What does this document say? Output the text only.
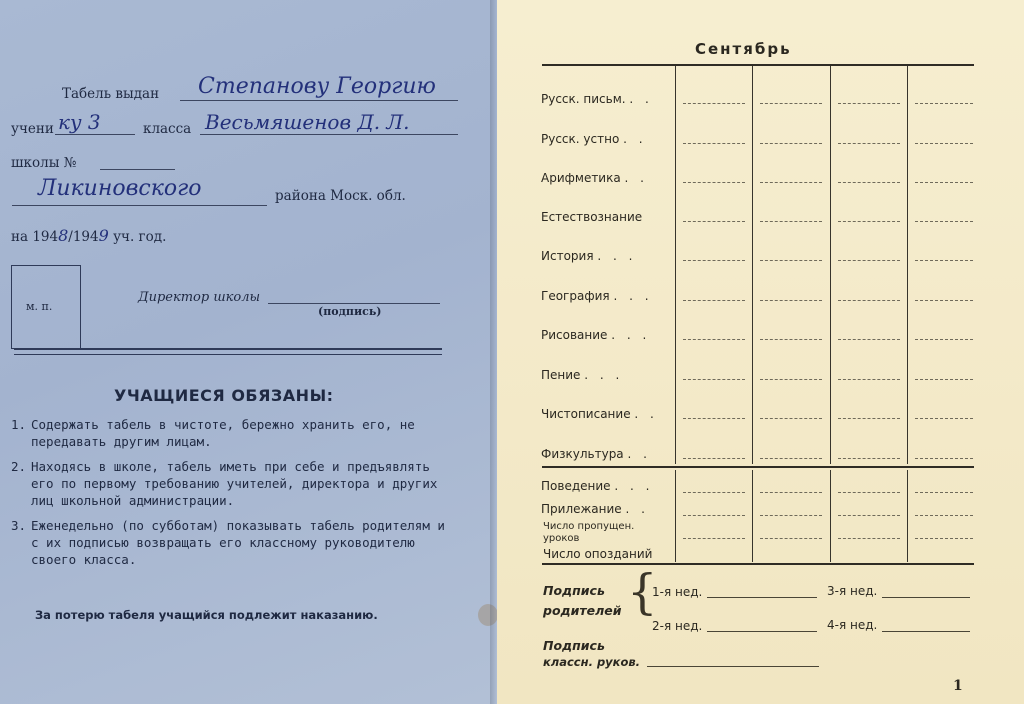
Табель выдан Степанову Георгию
учени ку 3	класса Весьмяшенов Д. Л.
школы №
Ликиновского	района Моск. обл.
на 1948/1949 уч. год.
м. п.
Директор школы
(подпись)
УЧАЩИЕСЯ ОБЯЗАНЫ:
1. Содержать табель в чистоте, бережно хранить его, не передавать другим лицам.
2. Находясь в школе, табель иметь при себе и предъявлять его по первому требованию учителей, директора и других лиц школьной администрации.
3. Еженедельно (по субботам) показывать табель родителям и с их подписью возвращать его классному руководителю своего класса.
За потерю табеля учащийся подлежит наказанию.
Сентябрь
Русск. письм. . .
Русск. устно . .
Арифметика . .
Естествознание
История . . .
География . . .
Рисование . . .
Пение . . .
Чистописание . .
Физкультура . .
Поведение . . .
Прилежание . .
Число пропущен.
уроков
Число опозданий
Подпись
родителей {
1-я нед.	3-я нед.
2-я нед.	4-я нед.
Подпись
классн. руков.
1
